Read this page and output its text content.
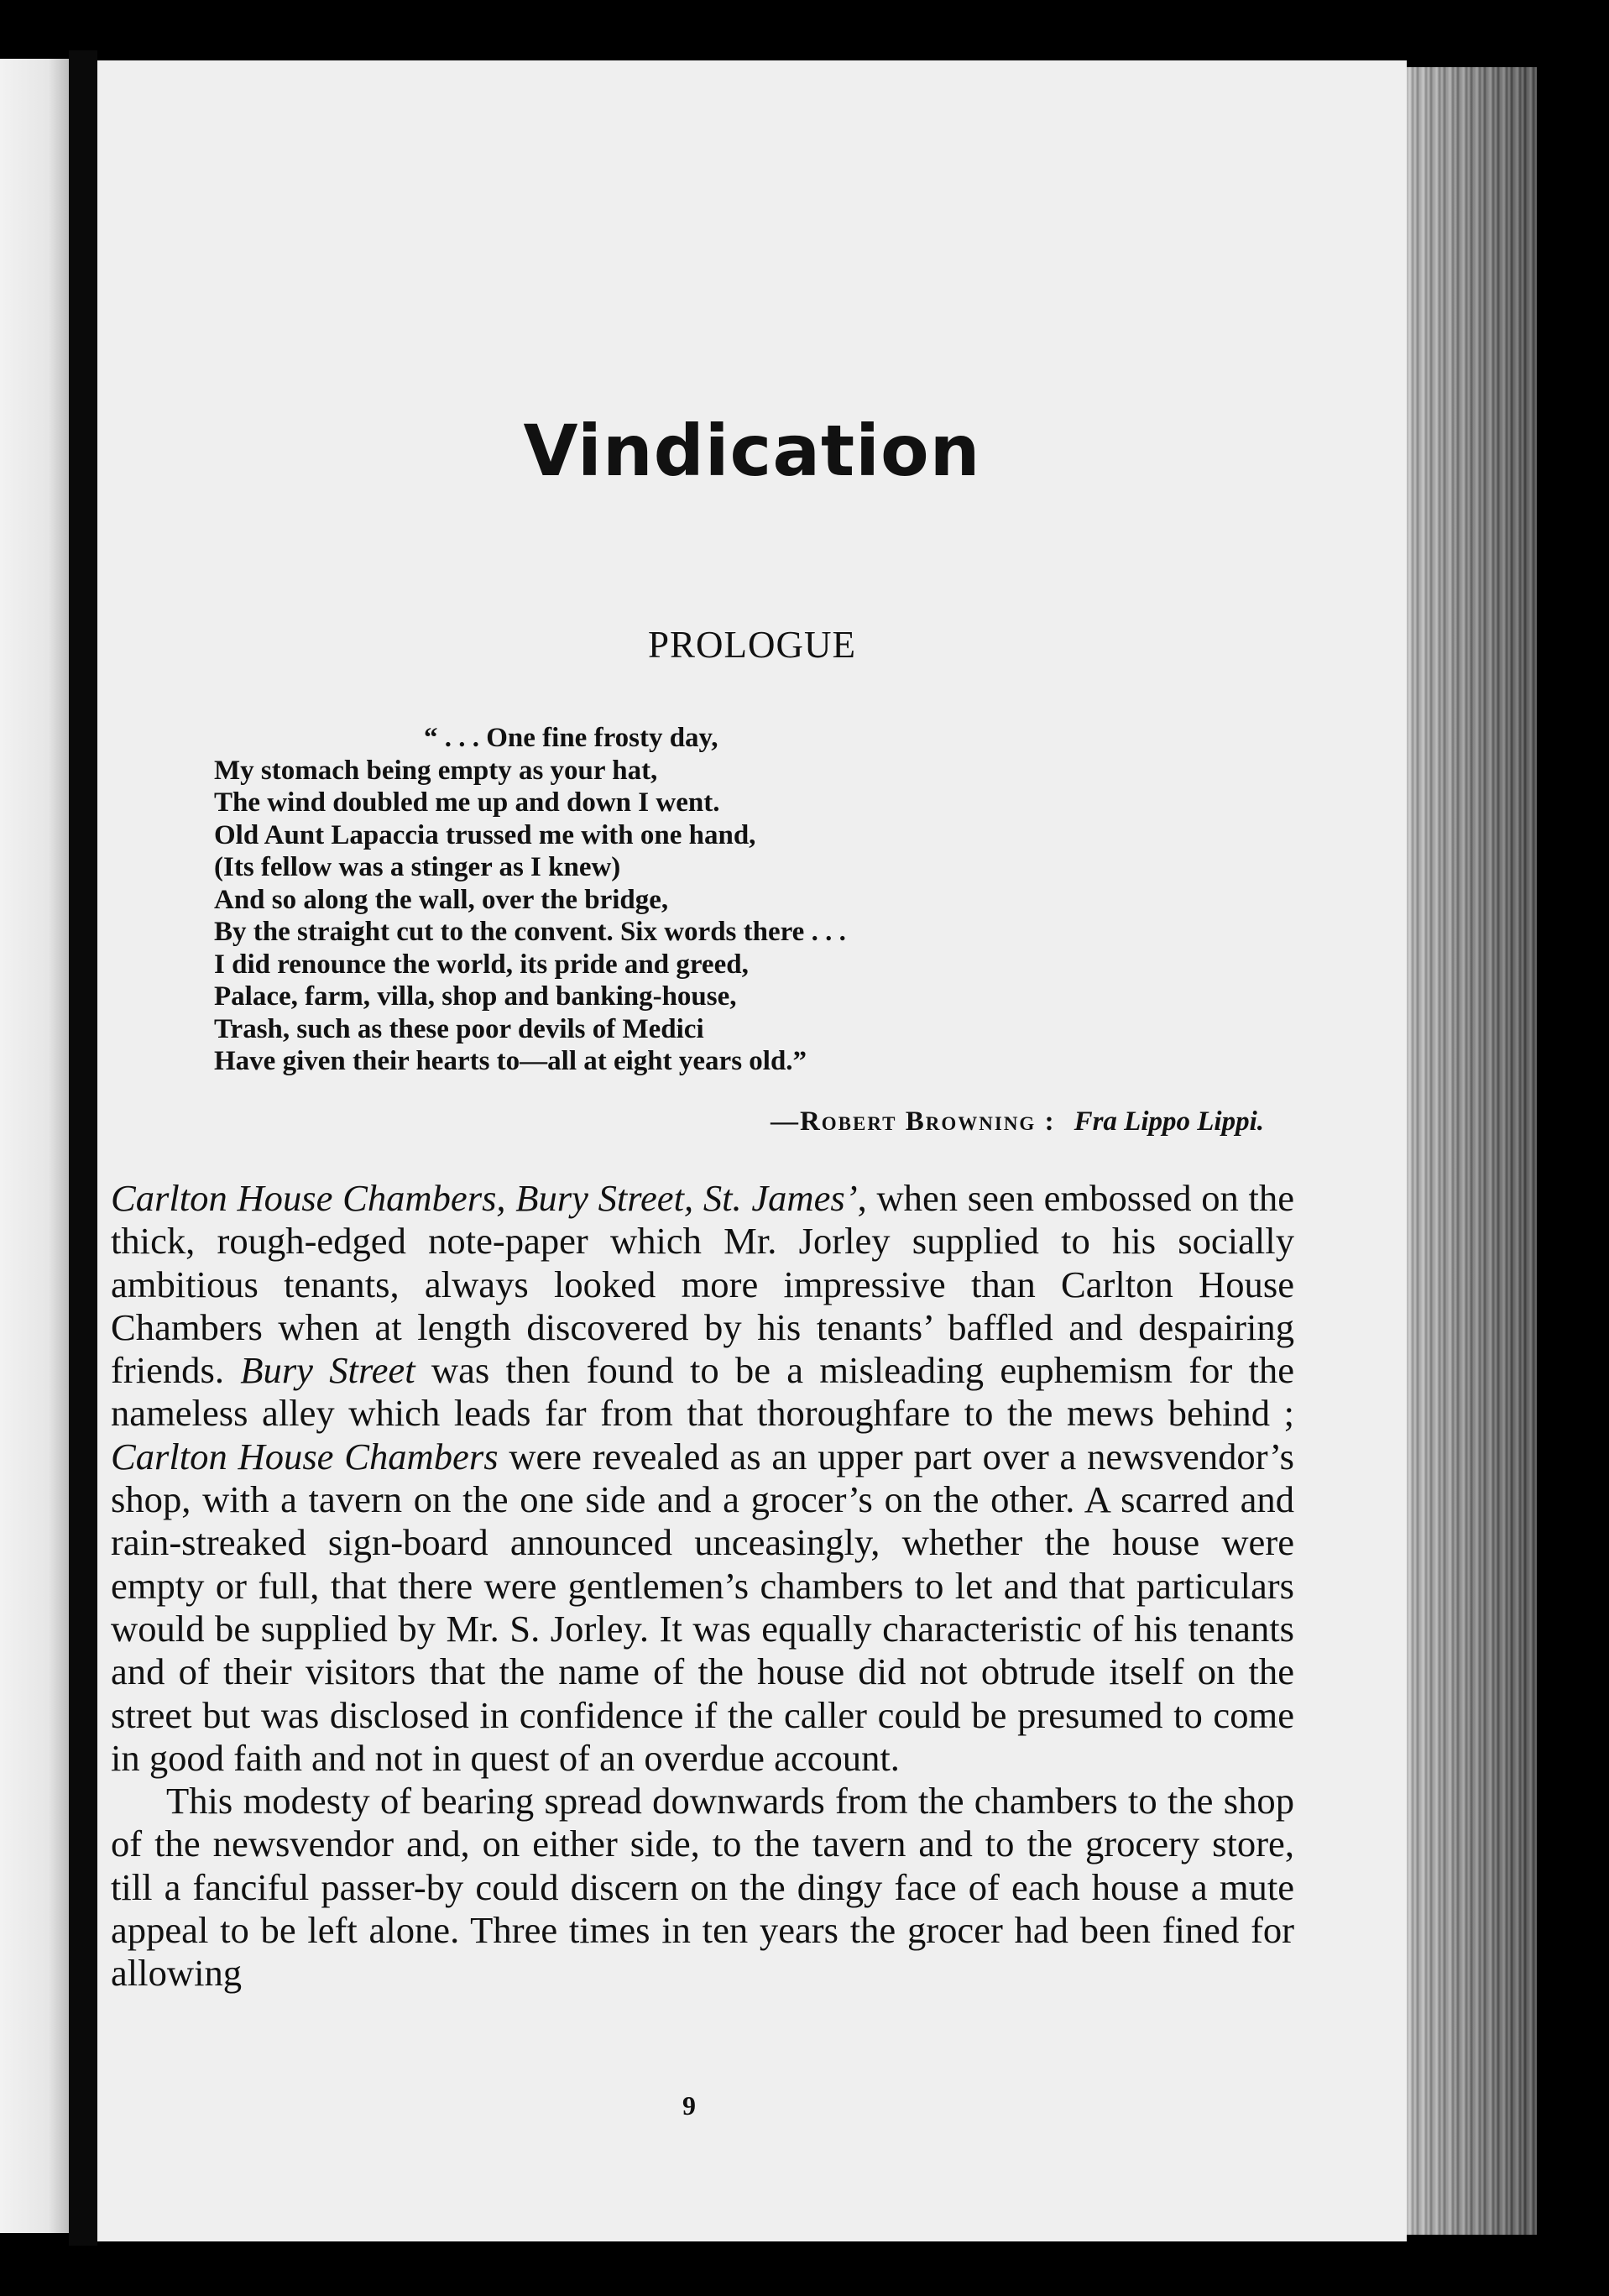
Vindication
PROLOGUE
“ . . . One fine frosty day,
My stomach being empty as your hat,
The wind doubled me up and down I went.
Old Aunt Lapaccia trussed me with one hand,
(Its fellow was a stinger as I knew)
And so along the wall, over the bridge,
By the straight cut to the convent. Six words there . . .
I did renounce the world, its pride and greed,
Palace, farm, villa, shop and banking-house,
Trash, such as these poor devils of Medici
Have given their hearts to—all at eight years old.”
—Robert Browning : Fra Lippo Lippi.

Carlton House Chambers, Bury Street, St. James’, when seen embossed on the thick, rough-edged note-paper which Mr. Jorley supplied to his socially ambitious tenants, always looked more impressive than Carlton House Chambers when at length discovered by his tenants’ baffled and despairing friends. Bury Street was then found to be a misleading euphemism for the nameless alley which leads far from that thoroughfare to the mews behind ; Carlton House Chambers were revealed as an upper part over a newsvendor’s shop, with a tavern on the one side and a grocer’s on the other. A scarred and rain-streaked sign-board announced unceasingly, whether the house were empty or full, that there were gentlemen’s chambers to let and that particulars would be supplied by Mr. S. Jorley. It was equally characteristic of his tenants and of their visitors that the name of the house did not obtrude itself on the street but was disclosed in confidence if the caller could be presumed to come in good faith and not in quest of an overdue account.

This modesty of bearing spread downwards from the chambers to the shop of the newsvendor and, on either side, to the tavern and to the grocery store, till a fanciful passer-by could discern on the dingy face of each house a mute appeal to be left alone. Three times in ten years the grocer had been fined for allowing

9
